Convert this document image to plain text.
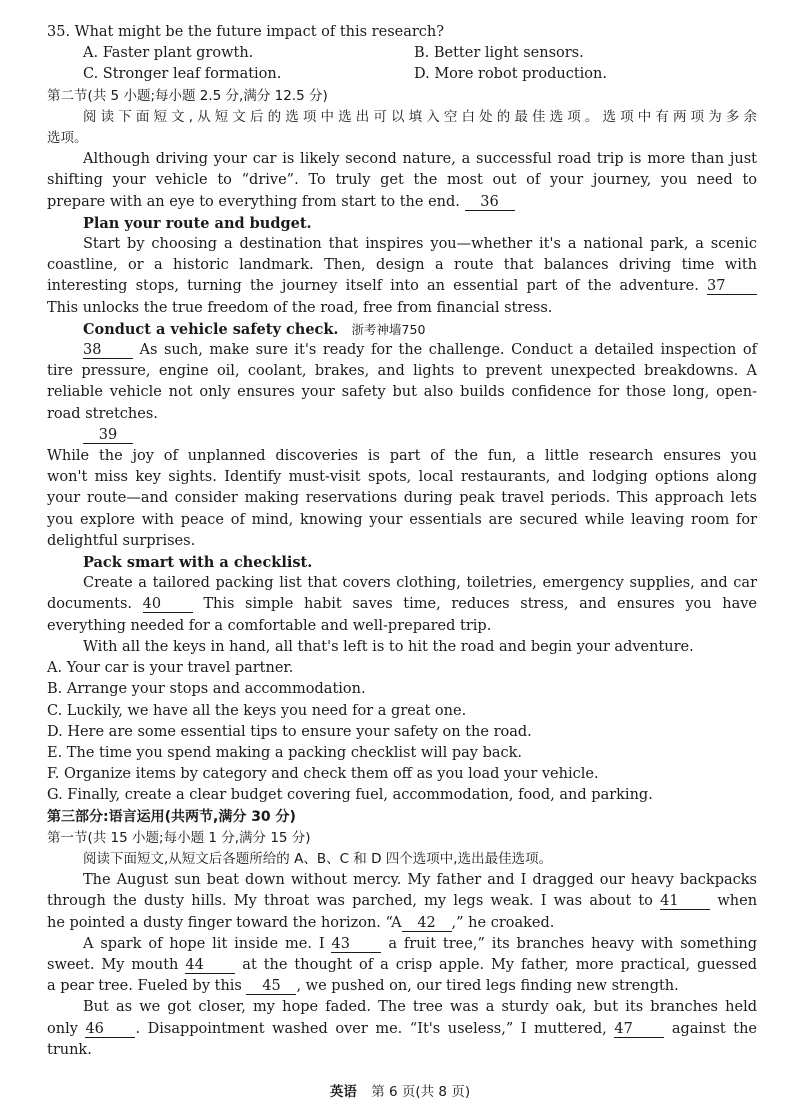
35. What might be the future impact of this research?
A. Faster plant growth.	B. Better light sensors.
C. Stronger leaf formation.	D. More robot production.
第二节(共 5 小题;每小题 2.5 分,满分 12.5 分)
阅读下面短文,从短文后的选项中选出可以填入空白处的最佳选项。选项中有两项为多余
选项。
Although driving your car is likely second nature, a successful road trip is more than just
shifting your vehicle to “drive”. To truly get the most out of your journey, you need to
prepare with an eye to everything from start to the end. 36
Plan your route and budget.
Start by choosing a destination that inspires you—whether it's a national park, a scenic
coastline, or a historic landmark. Then, design a route that balances driving time with
interesting stops, turning the journey itself into an essential part of the adventure. 37
This unlocks the true freedom of the road, free from financial stress.
Conduct a vehicle safety check. 浙考神墙750
38	As such, make sure it's ready for the challenge. Conduct a detailed inspection of
tire pressure, engine oil, coolant, brakes, and lights to prevent unexpected breakdowns. A
reliable vehicle not only ensures your safety but also builds confidence for those long, open-
road stretches.
39
While the joy of unplanned discoveries is part of the fun, a little research ensures you
won't miss key sights. Identify must-visit spots, local restaurants, and lodging options along
your route—and consider making reservations during peak travel periods. This approach lets
you explore with peace of mind, knowing your essentials are secured while leaving room for
delightful surprises.
Pack smart with a checklist.
Create a tailored packing list that covers clothing, toiletries, emergency supplies, and car
documents. 40	This simple habit saves time, reduces stress, and ensures you have
everything needed for a comfortable and well-prepared trip.
With all the keys in hand, all that's left is to hit the road and begin your adventure.
A. Your car is your travel partner.
B. Arrange your stops and accommodation.
C. Luckily, we have all the keys you need for a great one.
D. Here are some essential tips to ensure your safety on the road.
E. The time you spend making a packing checklist will pay back.
F. Organize items by category and check them off as you load your vehicle.
G. Finally, create a clear budget covering fuel, accommodation, food, and parking.
第三部分:语言运用(共两节,满分 30 分)
第一节(共 15 小题;每小题 1 分,满分 15 分)
阅读下面短文,从短文后各题所给的 A、B、C 和 D 四个选项中,选出最佳选项。
The August sun beat down without mercy. My father and I dragged our heavy backpacks
through the dusty hills. My throat was parched, my legs weak. I was about to 41	when
he pointed a dusty finger toward the horizon. “A 42 ,” he croaked.
A spark of hope lit inside me. I 43	a fruit tree,” its branches heavy with something
sweet. My mouth 44	at the thought of a crisp apple. My father, more practical, guessed
a pear tree. Fueled by this 45 , we pushed on, our tired legs finding new strength.
But as we got closer, my hope faded. The tree was a sturdy oak, but its branches held
only 46 . Disappointment washed over me. “It's useless,” I muttered, 47	against the
trunk.
英语 第 6 页(共 8 页)
